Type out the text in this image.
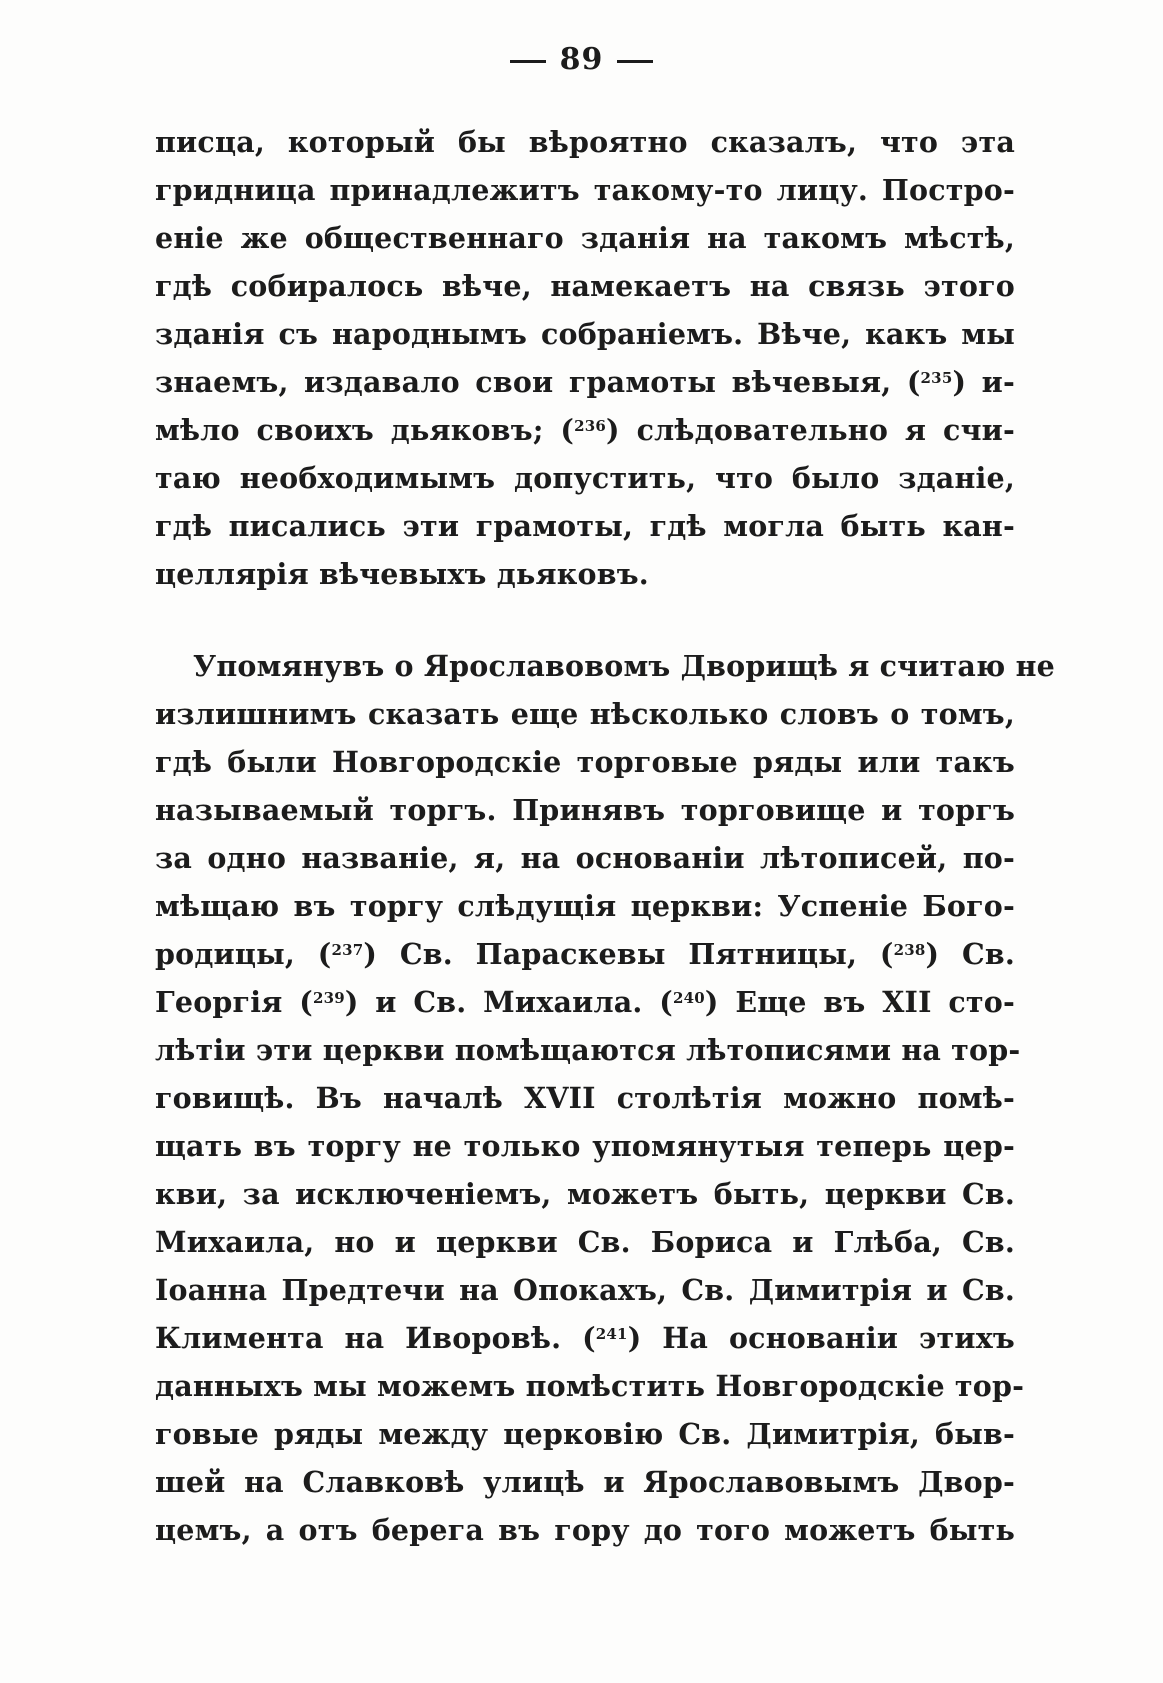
89
писца, который бы вѣроятно сказалъ, что эта
гридница принадлежитъ такому-то лицу. Постро-
еніе же общественнаго зданія на такомъ мѣстѣ,
гдѣ собиралось вѣче, намекаетъ на связь этого
зданія съ народнымъ собраніемъ. Вѣче, какъ мы
знаемъ, издавало свои грамоты вѣчевыя, ($^{235}$) и-
мѣло своихъ дьяковъ; ($^{236}$) слѣдовательно я счи-
таю необходимымъ допустить, что было зданіе,
гдѣ писались эти грамоты, гдѣ могла быть кан-
целлярія вѣчевыхъ дьяковъ.
Упомянувъ о Ярославовомъ Дворищѣ я считаю не
излишнимъ сказать еще нѣсколько словъ о томъ,
гдѣ были Новгородскіе торговые ряды или такъ
называемый торгъ. Принявъ торговище и торгъ
за одно названіе, я, на основаніи лѣтописей, по-
мѣщаю въ торгу слѣдущія церкви: Успеніе Бого-
родицы, ($^{237}$) Св. Параскевы Пятницы, ($^{238}$) Св.
Георгія ($^{239}$) и Св. Михаила. ($^{240}$) Еще въ XII сто-
лѣтіи эти церкви помѣщаются лѣтописями на тор-
говищѣ. Въ началѣ XVII столѣтія можно помѣ-
щать въ торгу не только упомянутыя теперь цер-
кви, за исключеніемъ, можетъ быть, церкви Св.
Михаила, но и церкви Св. Бориса и Глѣба, Св.
Іоанна Предтечи на Опокахъ, Св. Димитрія и Св.
Климента на Иворовѣ. ($^{241}$) На основаніи этихъ
данныхъ мы можемъ помѣстить Новгородскіе тор-
говые ряды между церковію Св. Димитрія, быв-
шей на Славковѣ улицѣ и Ярославовымъ Двор-
цемъ, а отъ берега въ гору до того можетъ быть
